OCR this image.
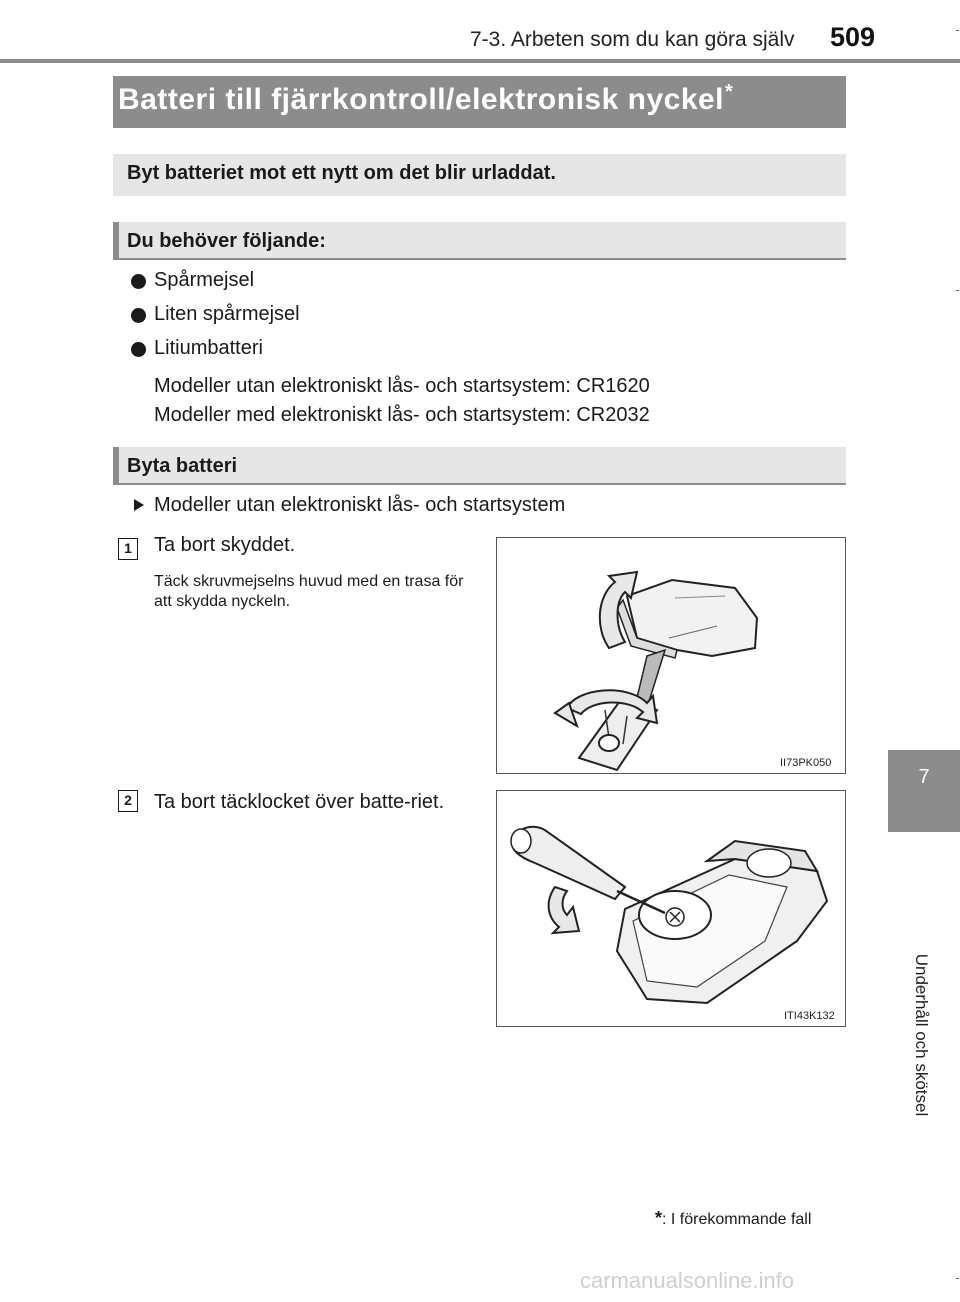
7-3. Arbeten som du kan göra själv 509
7
Underhåll och skötsel
Batteri till fjärrkontroll/elektronisk nyckel*
Byt batteriet mot ett nytt om det blir urladdat.
Du behöver följande:
Spårmejsel
Liten spårmejsel
Litiumbatteri
Modeller utan elektroniskt lås- och startsystem: CR1620
Modeller med elektroniskt lås- och startsystem: CR2032
Byta batteri
Modeller utan elektroniskt lås- och startsystem
1	Ta bort skyddet.
Täck skruvmejselns huvud med en trasa för att skydda nyckeln.
II73PK050
2	Ta bort täcklocket över batte-riet.
ITI43K132
*: I förekommande fall
carmanualsonline.info
